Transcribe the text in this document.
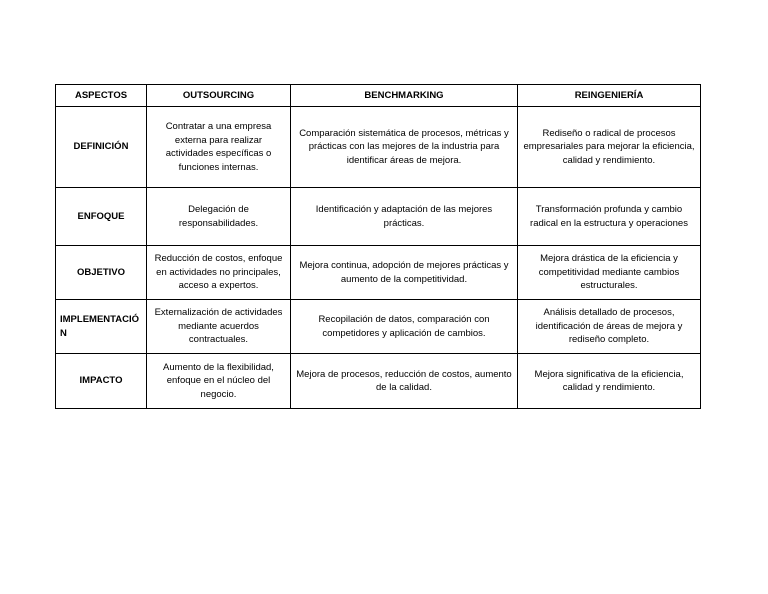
ASPECTOS	OUTSOURCING	BENCHMARKING	REINGENIERÍA
DEFINICIÓN	Contratar a una empresa externa para realizar actividades específicas o funciones internas.	Comparación sistemática de procesos, métricas y prácticas con las mejores de la industria para identificar áreas de mejora.	Rediseño o radical de procesos empresariales para mejorar la eficiencia, calidad y rendimiento.
ENFOQUE	Delegación de responsabilidades.	Identificación y adaptación de las mejores prácticas.	Transformación profunda y cambio radical en la estructura y operaciones
OBJETIVO	Reducción de costos, enfoque en actividades no principales, acceso a expertos.	Mejora continua, adopción de mejores prácticas y aumento de la competitividad.	Mejora drástica de la eficiencia y competitividad mediante cambios estructurales.
IMPLEMENTACIÓN	Externalización de actividades mediante acuerdos contractuales.	Recopilación de datos, comparación con competidores y aplicación de cambios.	Análisis detallado de procesos, identificación de áreas de mejora y rediseño completo.
IMPACTO	Aumento de la flexibilidad, enfoque en el núcleo del negocio.	Mejora de procesos, reducción de costos, aumento de la calidad.	Mejora significativa de la eficiencia, calidad y rendimiento.
